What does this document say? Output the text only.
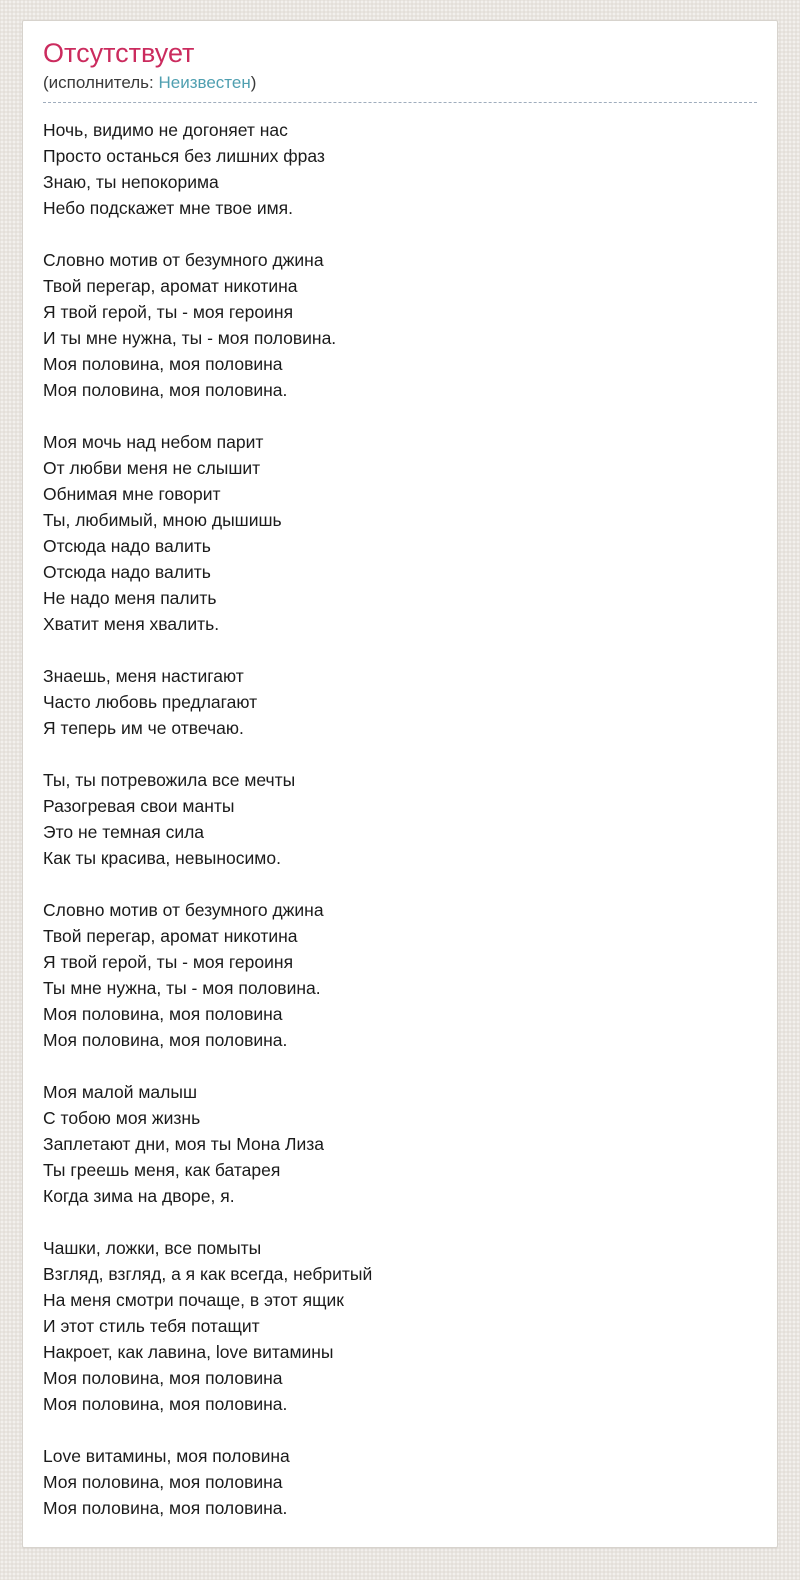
Отсутствует
(исполнитель: Неизвестен)

Ночь, видимо не догоняет нас
Просто останься без лишних фраз
Знаю, ты непокорима
Небо подскажет мне твое имя.

Словно мотив от безумного джина
Твой перегар, аромат никотина
Я твой герой, ты - моя героиня
И ты мне нужна, ты - моя половина.
Моя половина, моя половина
Моя половина, моя половина.

Моя мочь над небом парит
От любви меня не слышит
Обнимая мне говорит
Ты, любимый, мною дышишь
Отсюда надо валить
Отсюда надо валить
Не надо меня палить
Хватит меня хвалить.

Знаешь, меня настигают
Часто любовь предлагают
Я теперь им че отвечаю.

Ты, ты потревожила все мечты
Разогревая свои манты
Это не темная сила
Как ты красива, невыносимо.

Словно мотив от безумного джина
Твой перегар, аромат никотина
Я твой герой, ты - моя героиня
Ты мне нужна, ты - моя половина.
Моя половина, моя половина
Моя половина, моя половина.

Моя малой малыш
С тобою моя жизнь
Заплетают дни, моя ты Мона Лиза
Ты греешь меня, как батарея
Когда зима на дворе, я.

Чашки, ложки, все помыты
Взгляд, взгляд, а я как всегда, небритый
На меня смотри почаще, в этот ящик
И этот стиль тебя потащит
Накроет, как лавина, love витамины
Моя половина, моя половина
Моя половина, моя половина.

Love витамины, моя половина
Моя половина, моя половина
Моя половина, моя половина.
